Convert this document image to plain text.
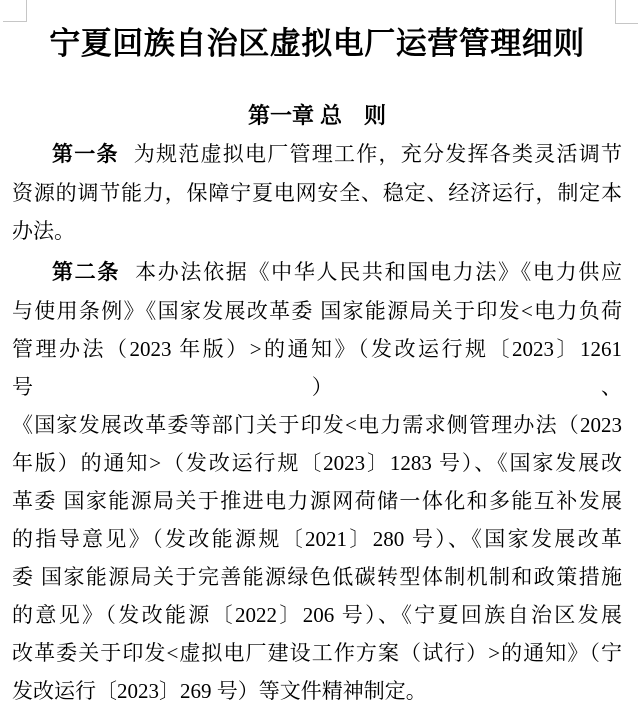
宁夏回族自治区虚拟电厂运营管理细则
第一章 总　则
第一条 为规范虚拟电厂管理工作，充分发挥各类灵活调节
资源的调节能力，保障宁夏电网安全、稳定、经济运行，制定本
办法。
第二条 本办法依据《中华人民共和国电力法》《电力供应
与使用条例》《国家发展改革委 国家能源局关于印发<电力负荷
管理办法（2023 年版）>的通知》（发改运行规〔2023〕1261 号）、
《国家发展改革委等部门关于印发<电力需求侧管理办法（2023
年版）的通知>（发改运行规〔2023〕1283 号）、《国家发展改
革委 国家能源局关于推进电力源网荷储一体化和多能互补发展
的指导意见》（发改能源规〔2021〕280 号）、《国家发展改革
委 国家能源局关于完善能源绿色低碳转型体制机制和政策措施
的意见》（发改能源〔2022〕206 号）、《宁夏回族自治区发展
改革委关于印发<虚拟电厂建设工作方案（试行）>的通知》（宁
发改运行〔2023〕269 号）等文件精神制定。
